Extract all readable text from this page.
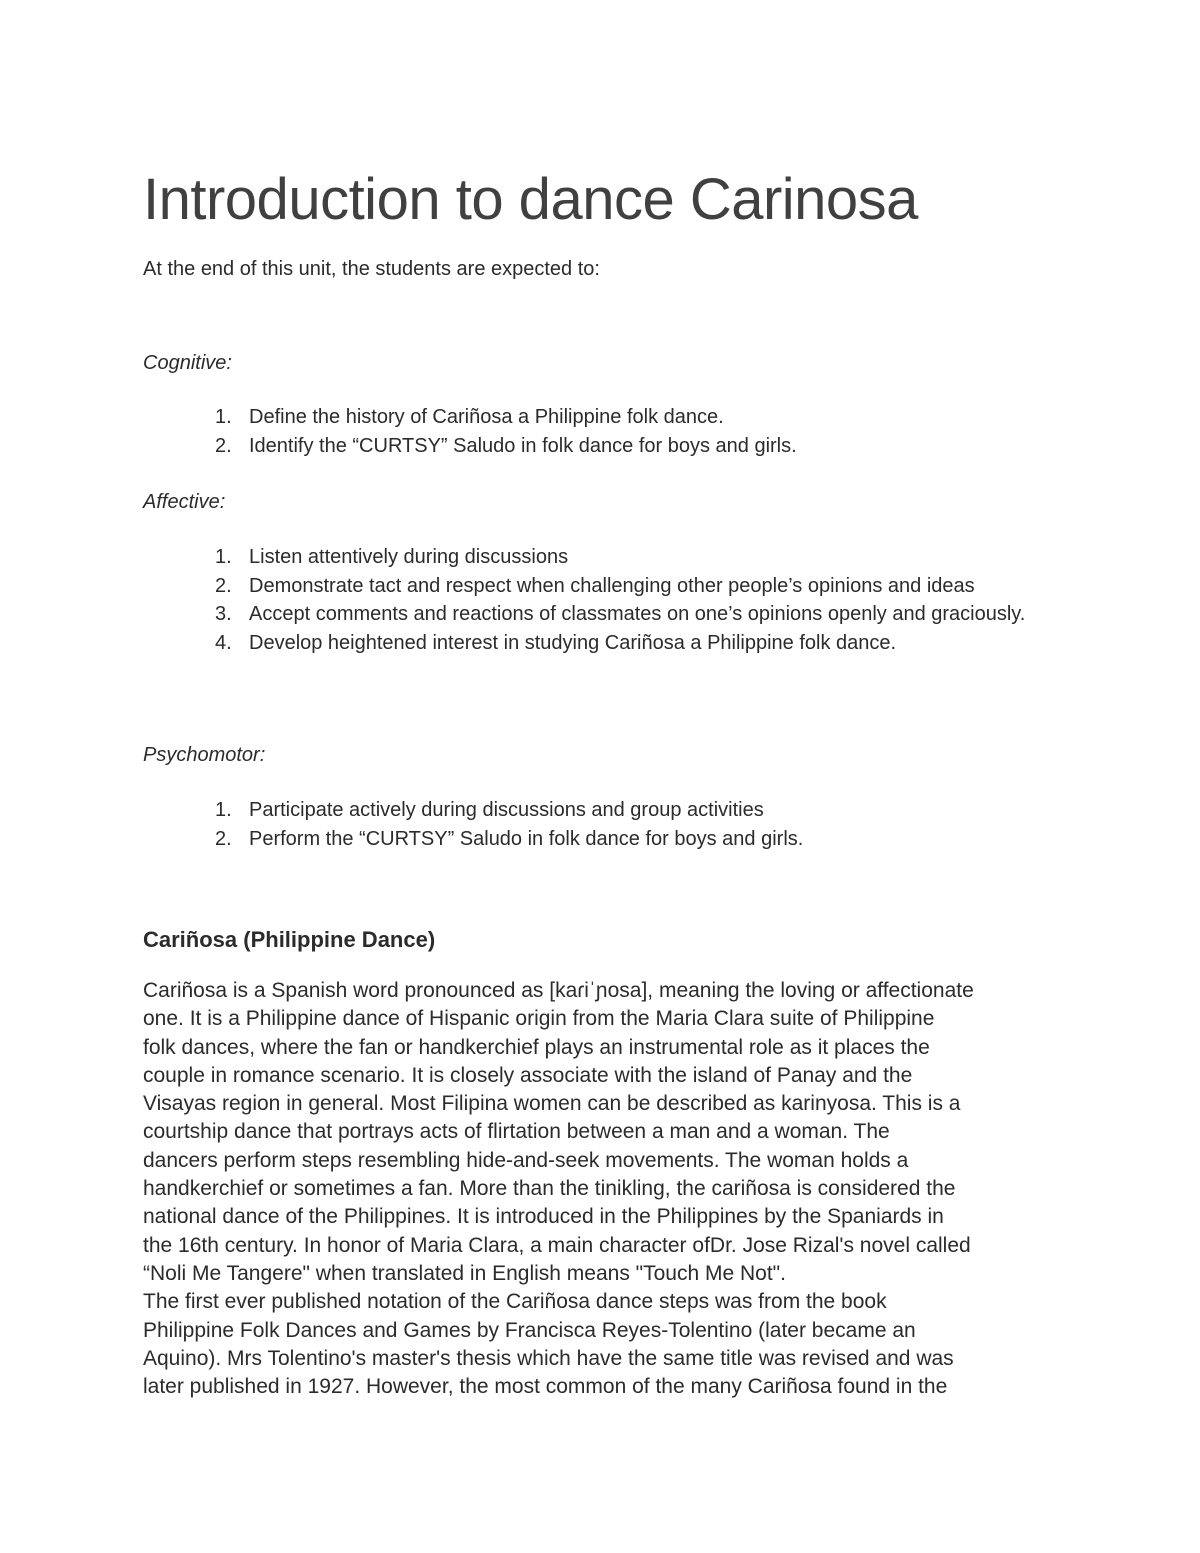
Introduction to dance Carinosa

At the end of this unit, the students are expected to:

Cognitive:

1. Define the history of Cariñosa a Philippine folk dance.
2. Identify the “CURTSY” Saludo in folk dance for boys and girls.

Affective:

1. Listen attentively during discussions
2. Demonstrate tact and respect when challenging other people’s opinions and ideas
3. Accept comments and reactions of classmates on one’s opinions openly and graciously.
4. Develop heightened interest in studying Cariñosa a Philippine folk dance.

Psychomotor:

1. Participate actively during discussions and group activities
2. Perform the “CURTSY” Saludo in folk dance for boys and girls.
Cariñosa (Philippine Dance)
Cariñosa is a Spanish word pronounced as [kaɾiˈɲosa], meaning the loving or affectionate
one. It is a Philippine dance of Hispanic origin from the Maria Clara suite of Philippine
folk dances, where the fan or handkerchief plays an instrumental role as it places the
couple in romance scenario. It is closely associate with the island of Panay and the
Visayas region in general. Most Filipina women can be described as karinyosa. This is a
courtship dance that portrays acts of flirtation between a man and a woman. The
dancers perform steps resembling hide-and-seek movements. The woman holds a
handkerchief or sometimes a fan. More than the tinikling, the cariñosa is considered the
national dance of the Philippines. It is introduced in the Philippines by the Spaniards in
the 16th century. In honor of Maria Clara, a main character ofDr. Jose Rizal's novel called
“Noli Me Tangere" when translated in English means "Touch Me Not".
The first ever published notation of the Cariñosa dance steps was from the book
Philippine Folk Dances and Games by Francisca Reyes-Tolentino (later became an
Aquino). Mrs Tolentino's master's thesis which have the same title was revised and was
later published in 1927. However, the most common of the many Cariñosa found in the
